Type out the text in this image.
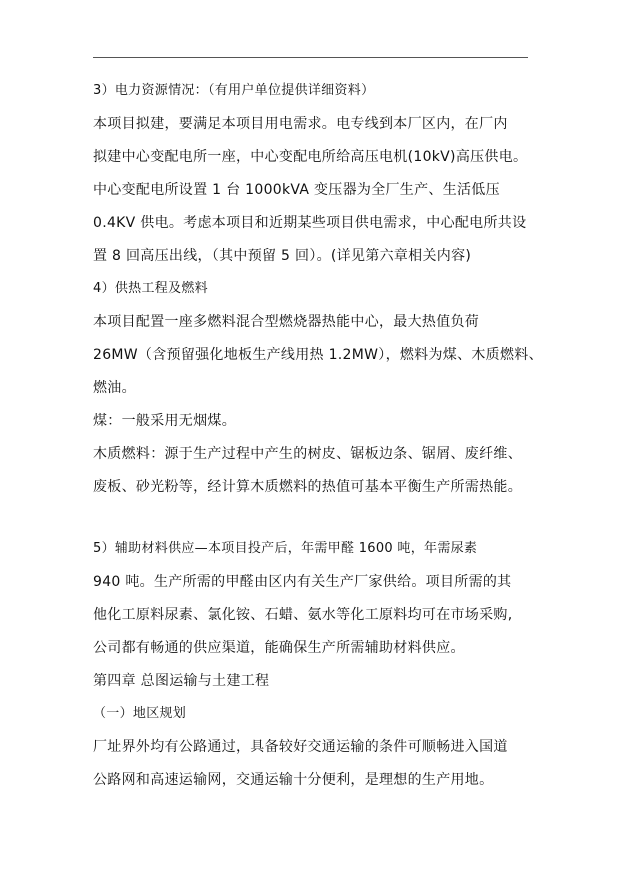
3）电力资源情况：（有用户单位提供详细资料）
本项目拟建，要满足本项目用电需求。电专线到本厂区内，在厂内
拟建中心变配电所一座，中心变配电所给高压电机(10kV)高压供电。
中心变配电所设置 1 台 1000kVA 变压器为全厂生产、生活低压
0.4KV 供电。考虑本项目和近期某些项目供电需求，中心配电所共设
置 8 回高压出线，（其中预留 5 回）。(详见第六章相关内容)
4）供热工程及燃料
本项目配置一座多燃料混合型燃烧器热能中心，最大热值负荷
26MW（含预留强化地板生产线用热 1.2MW），燃料为煤、木质燃料、
燃油。
煤：一般采用无烟煤。
木质燃料：源于生产过程中产生的树皮、锯板边条、锯屑、废纤维、
废板、砂光粉等，经计算木质燃料的热值可基本平衡生产所需热能。
5）辅助材料供应—本项目投产后，年需甲醛 1600 吨，年需尿素
940 吨。生产所需的甲醛由区内有关生产厂家供给。项目所需的其
他化工原料尿素、氯化铵、石蜡、氨水等化工原料均可在市场采购,
公司都有畅通的供应渠道，能确保生产所需辅助材料供应。
第四章 总图运输与土建工程
（一）地区规划
厂址界外均有公路通过，具备较好交通运输的条件可顺畅进入国道
公路网和高速运输网，交通运输十分便利，是理想的生产用地。
